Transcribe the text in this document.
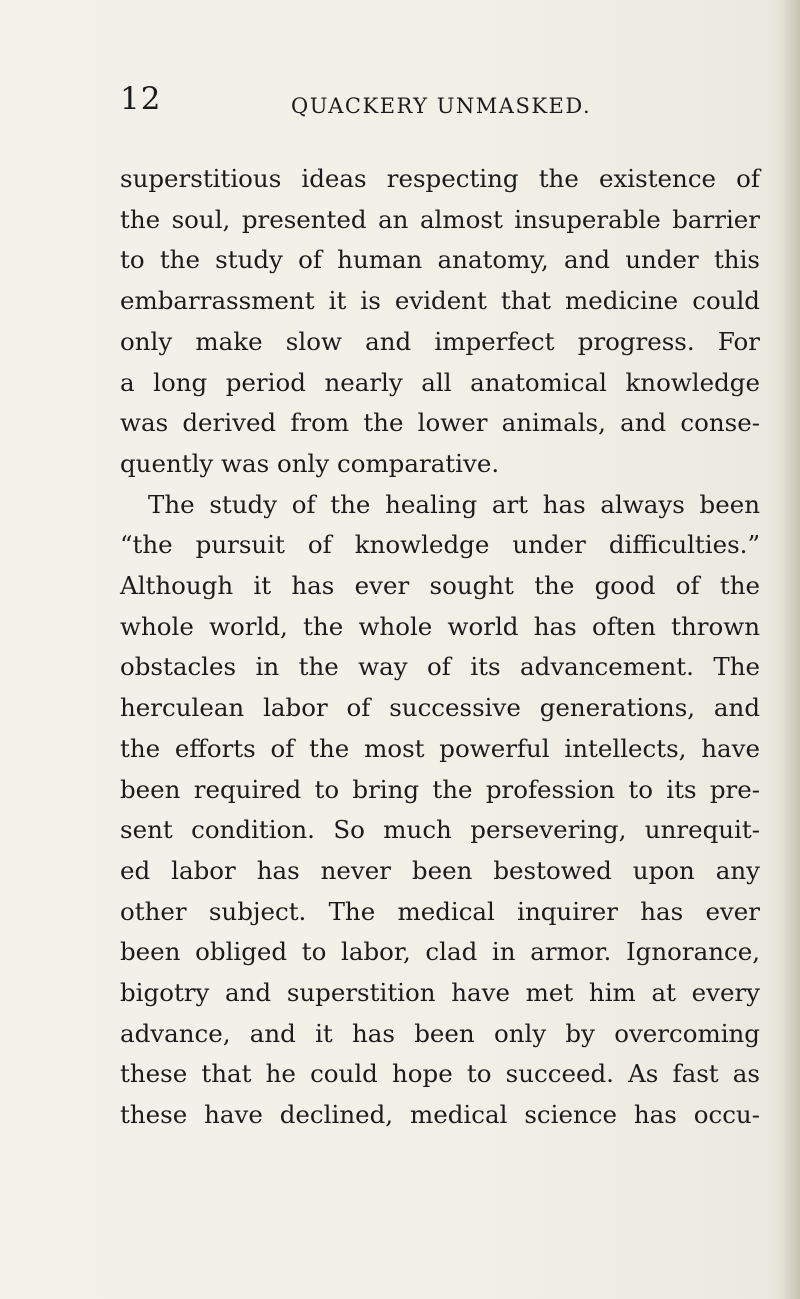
12	QUACKERY UNMASKED.
superstitious ideas respecting the existence of
the soul, presented an almost insuperable barrier
to the study of human anatomy, and under this
embarrassment it is evident that medicine could
only make slow and imperfect progress. For
a long period nearly all anatomical knowledge
was derived from the lower animals, and conse-
quently was only comparative.
The study of the healing art has always been
“the pursuit of knowledge under difficulties.”
Although it has ever sought the good of the
whole world, the whole world has often thrown
obstacles in the way of its advancement. The
herculean labor of successive generations, and
the efforts of the most powerful intellects, have
been required to bring the profession to its pre-
sent condition. So much persevering, unrequit-
ed labor has never been bestowed upon any
other subject. The medical inquirer has ever
been obliged to labor, clad in armor. Ignorance,
bigotry and superstition have met him at every
advance, and it has been only by overcoming
these that he could hope to succeed. As fast as
these have declined, medical science has occu-
